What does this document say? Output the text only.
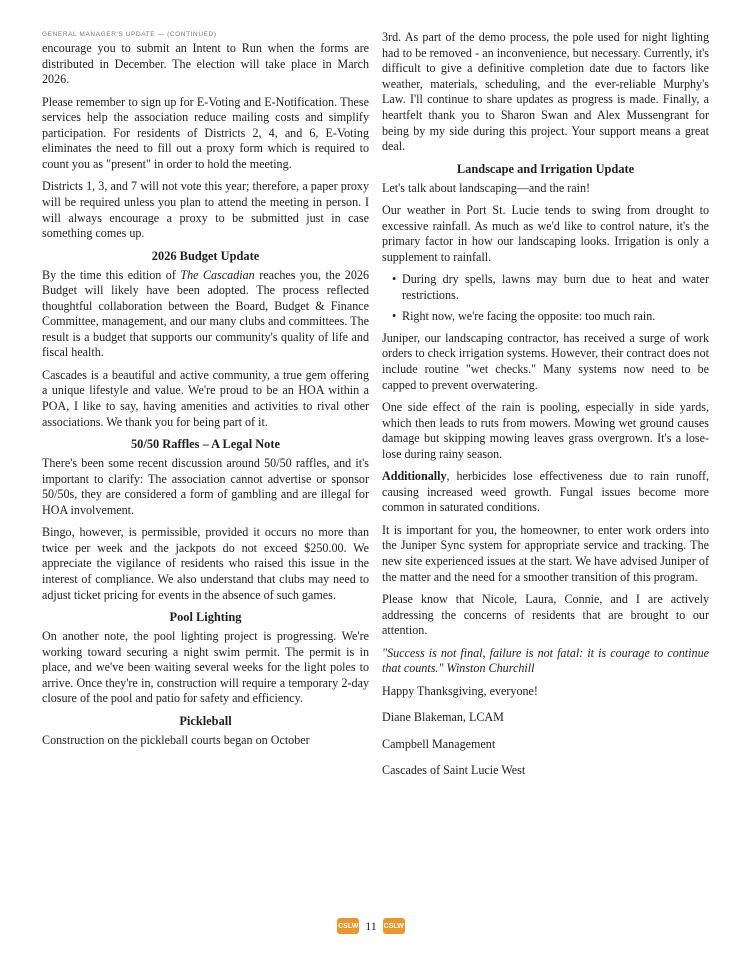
GENERAL MANAGER'S UPDATE — (CONTINUED)

encourage you to submit an Intent to Run when the forms are distributed in December. The election will take place in March 2026.

Please remember to sign up for E-Voting and E-Notification. These services help the association reduce mailing costs and simplify participation. For residents of Districts 2, 4, and 6, E-Voting eliminates the need to fill out a proxy form which is required to count you as "present" in order to hold the meeting.

Districts 1, 3, and 7 will not vote this year; therefore, a paper proxy will be required unless you plan to attend the meeting in person. I will always encourage a proxy to be submitted just in case something comes up.

2026 Budget Update

By the time this edition of The Cascadian reaches you, the 2026 Budget will likely have been adopted. The process reflected thoughtful collaboration between the Board, Budget & Finance Committee, management, and our many clubs and committees. The result is a budget that supports our community's quality of life and fiscal health.

Cascades is a beautiful and active community, a true gem offering a unique lifestyle and value. We're proud to be an HOA within a POA, I like to say, having amenities and activities to rival other associations. We thank you for being part of it.

50/50 Raffles – A Legal Note

There's been some recent discussion around 50/50 raffles, and it's important to clarify: The association cannot advertise or sponsor 50/50s, they are considered a form of gambling and are illegal for HOA involvement.

Bingo, however, is permissible, provided it occurs no more than twice per week and the jackpots do not exceed $250.00. We appreciate the vigilance of residents who raised this issue in the interest of compliance. We also understand that clubs may need to adjust ticket pricing for events in the absence of such games.

Pool Lighting

On another note, the pool lighting project is progressing. We're working toward securing a night swim permit. The permit is in place, and we've been waiting several weeks for the light poles to arrive. Once they're in, construction will require a temporary 2-day closure of the pool and patio for safety and efficiency.

Pickleball

Construction on the pickleball courts began on October

3rd. As part of the demo process, the pole used for night lighting had to be removed - an inconvenience, but necessary. Currently, it's difficult to give a definitive completion date due to factors like weather, materials, scheduling, and the ever-reliable Murphy's Law. I'll continue to share updates as progress is made. Finally, a heartfelt thank you to Sharon Swan and Alex Mussengrant for being by my side during this project. Your support means a great deal.

Landscape and Irrigation Update

Let's talk about landscaping—and the rain!

Our weather in Port St. Lucie tends to swing from drought to excessive rainfall. As much as we'd like to control nature, it's the primary factor in how our landscaping looks. Irrigation is only a supplement to rainfall.

• During dry spells, lawns may burn due to heat and water restrictions.
• Right now, we're facing the opposite: too much rain.

Juniper, our landscaping contractor, has received a surge of work orders to check irrigation systems. However, their contract does not include routine "wet checks." Many systems now need to be capped to prevent overwatering.

One side effect of the rain is pooling, especially in side yards, which then leads to ruts from mowers. Mowing wet ground causes damage but skipping mowing leaves grass overgrown. It's a lose-lose during rainy season.

Additionally, herbicides lose effectiveness due to rain runoff, causing increased weed growth. Fungal issues become more common in saturated conditions.

It is important for you, the homeowner, to enter work orders into the Juniper Sync system for appropriate service and tracking. The new site experienced issues at the start. We have advised Juniper of the matter and the need for a smoother transition of this program.

Please know that Nicole, Laura, Connie, and I are actively addressing the concerns of residents that are brought to our attention.

"Success is not final, failure is not fatal: it is courage to continue that counts." Winston Churchill

Happy Thanksgiving, everyone!

Diane Blakeman, LCAM

Campbell Management

Cascades of Saint Lucie West

CSLW 11 CSLW
